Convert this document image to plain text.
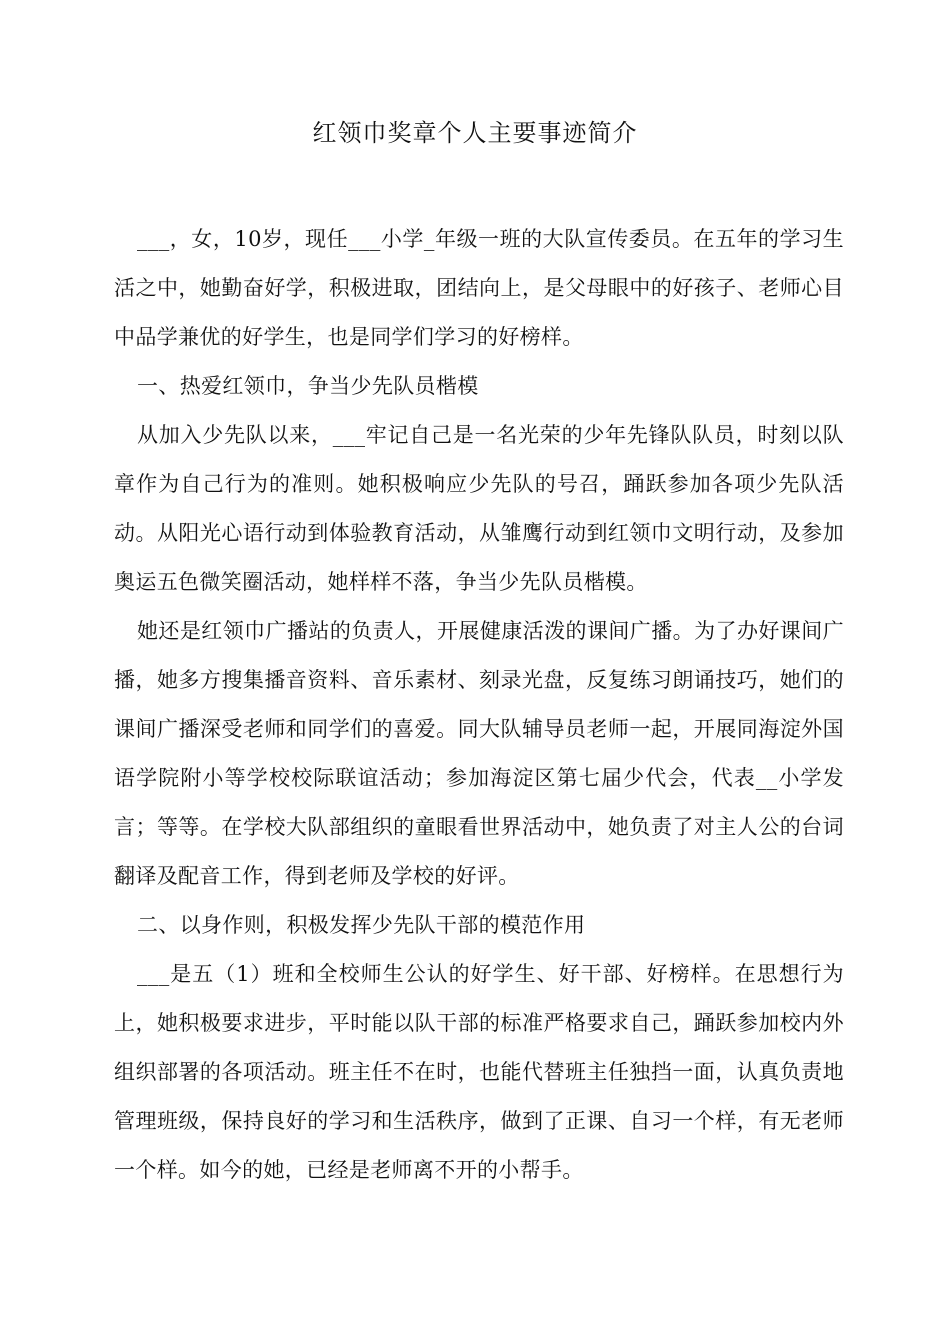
红领巾奖章个人主要事迹简介

___，女，10岁，现任___小学_年级一班的大队宣传委员。在五年的学习生活之中，她勤奋好学，积极进取，团结向上，是父母眼中的好孩子、老师心目中品学兼优的好学生，也是同学们学习的好榜样。

一、热爱红领巾，争当少先队员楷模

从加入少先队以来，___牢记自己是一名光荣的少年先锋队队员，时刻以队章作为自己行为的准则。她积极响应少先队的号召，踊跃参加各项少先队活动。从阳光心语行动到体验教育活动，从雏鹰行动到红领巾文明行动，及参加奥运五色微笑圈活动，她样样不落，争当少先队员楷模。

她还是红领巾广播站的负责人，开展健康活泼的课间广播。为了办好课间广播，她多方搜集播音资料、音乐素材、刻录光盘，反复练习朗诵技巧，她们的课间广播深受老师和同学们的喜爱。同大队辅导员老师一起，开展同海淀外国语学院附小等学校校际联谊活动；参加海淀区第七届少代会，代表__小学发言；等等。在学校大队部组织的童眼看世界活动中，她负责了对主人公的台词翻译及配音工作，得到老师及学校的好评。

二、以身作则，积极发挥少先队干部的模范作用

___是五（1）班和全校师生公认的好学生、好干部、好榜样。在思想行为上，她积极要求进步，平时能以队干部的标准严格要求自己，踊跃参加校内外组织部署的各项活动。班主任不在时，也能代替班主任独挡一面，认真负责地管理班级，保持良好的学习和生活秩序，做到了正课、自习一个样，有无老师一个样。如今的她，已经是老师离不开的小帮手。
